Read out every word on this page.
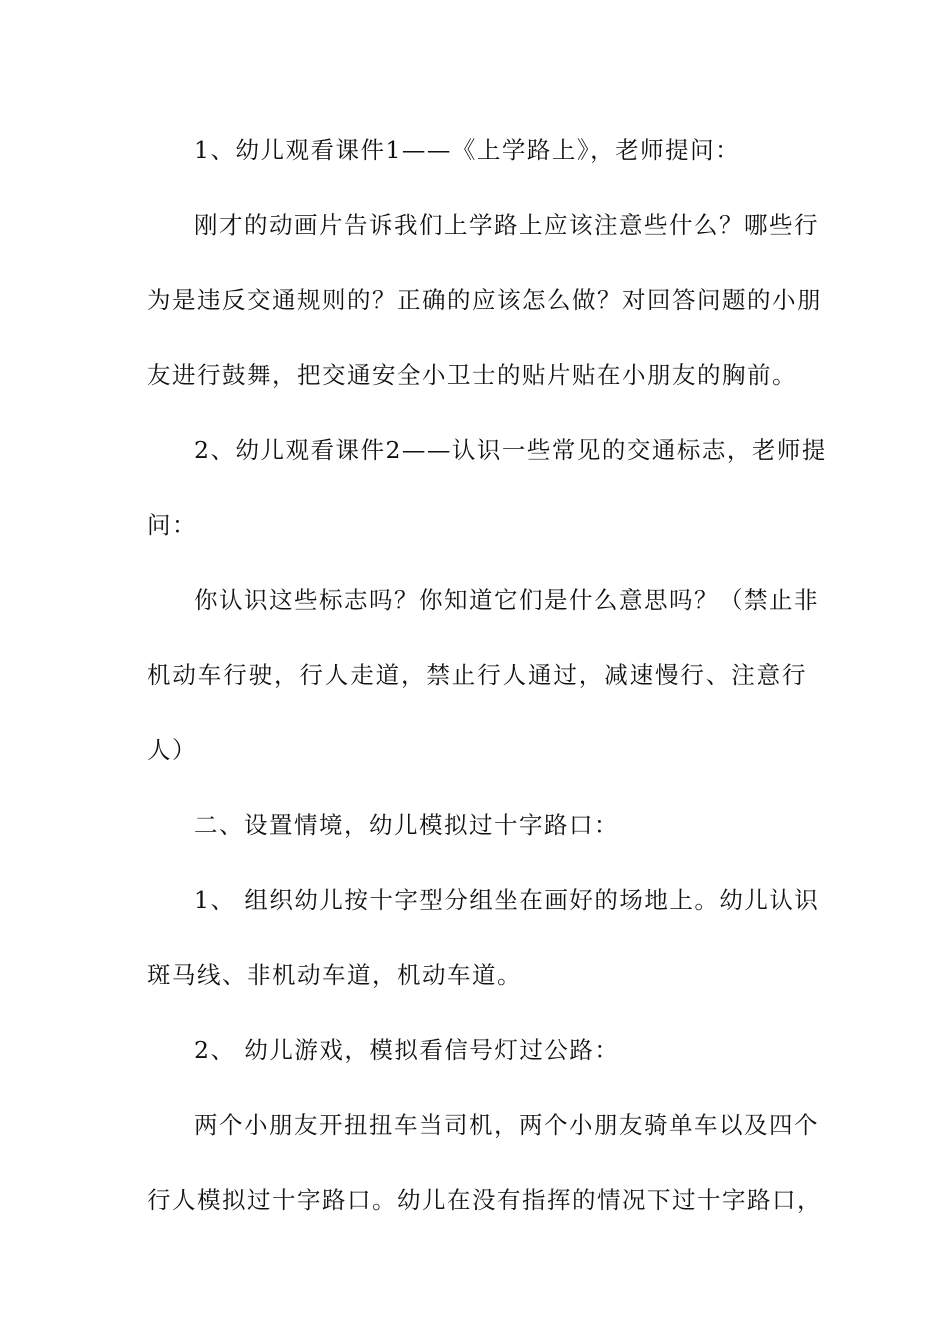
1、幼儿观看课件1——《上学路上》，老师提问：
刚才的动画片告诉我们上学路上应该注意些什么？哪些行
为是违反交通规则的？正确的应该怎么做？对回答问题的小朋
友进行鼓舞，把交通安全小卫士的贴片贴在小朋友的胸前。
2、幼儿观看课件2——认识一些常见的交通标志，老师提
问：
你认识这些标志吗？你知道它们是什么意思吗？（禁止非
机动车行驶，行人走道，禁止行人通过，减速慢行、注意行
人）
二、设置情境，幼儿模拟过十字路口：
1、 组织幼儿按十字型分组坐在画好的场地上。幼儿认识
斑马线、非机动车道，机动车道。
2、 幼儿游戏，模拟看信号灯过公路：
两个小朋友开扭扭车当司机，两个小朋友骑单车以及四个
行人模拟过十字路口。幼儿在没有指挥的情况下过十字路口，
